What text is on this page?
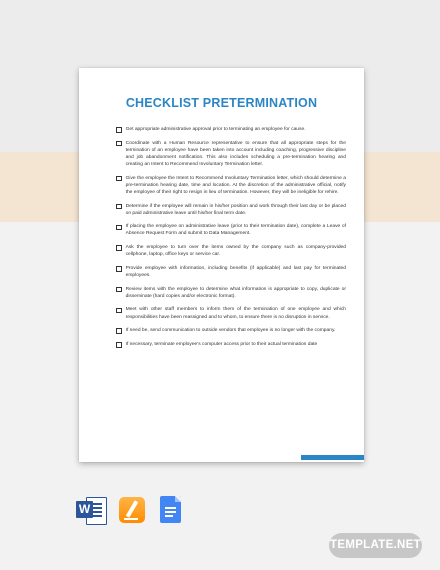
CHECKLIST PRETERMINATION
Get appropriate administrative approval prior to terminating an employee for cause.
Coordinate with a Human Resource representative to ensure that all appropriate steps for the termination of an employee have been taken into account including coaching, progressive discipline and job abandonment notification. This also includes scheduling a pre-termination hearing and creating an Intent to Recommend Involuntary Termination letter.
Give the employee the Intent to Recommend Involuntary Termination letter, which should determine a pre-termination hearing date, time and location. At the discretion of the administrative official, notify the employee of their right to resign in lieu of termination. However, they will be ineligible for rehire.
Determine if the employee will remain in his/her position and work through their last day or be placed on paid administrative leave until his/her final term date.
If placing the employee on administrative leave (prior to their termination date), complete a Leave of Absence Request Form and submit to Data Management.
Ask the employee to turn over the items owned by the company such as company-provided cellphone, laptop, office keys or service car.
Provide employee with information, including benefits (if applicable) and last pay for terminated employees.
Review items with the employee to determine what information is appropriate to copy, duplicate or disseminate (hard copies and/or electronic format).
Meet with other staff members to inform them of the termination of one employee and which responsibilities have been reassigned and to whom, to ensure there is no disruption in service.
If need be, send communication to outside vendors that employee is no longer with the company.
If necessary, terminate employee's computer access prior to their actual termination date
W
TEMPLATE.NET
